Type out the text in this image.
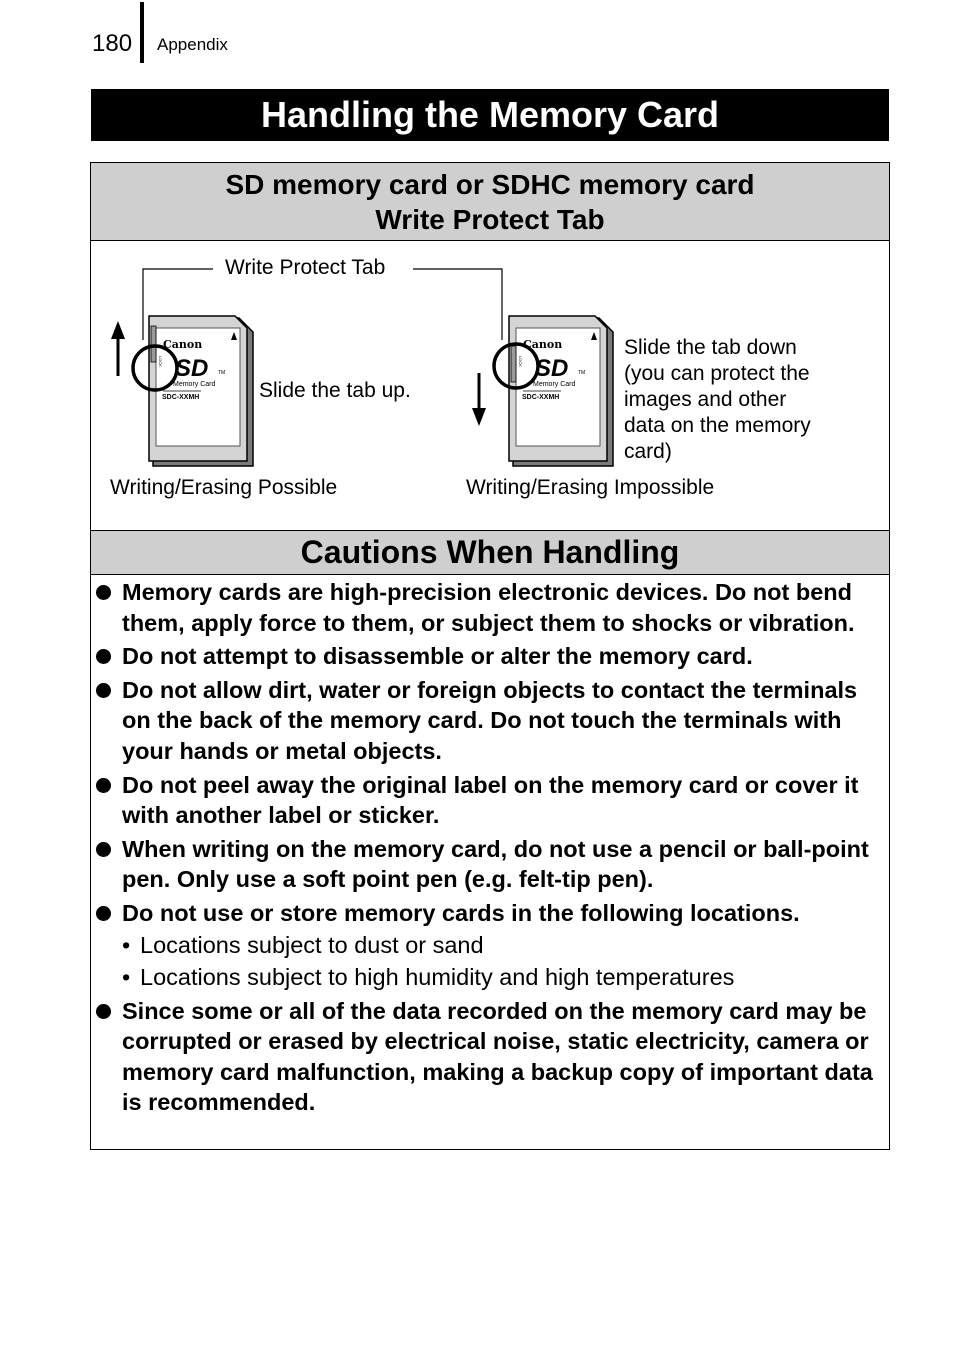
180 Appendix
Handling the Memory Card
SD memory card or SDHC memory card
Write Protect Tab
Canon
SD TM
Memory Card
SDC-XXMH
LOCK
Canon
SD TM
Memory Card
SDC-XXMH
LOCK
Write Protect Tab
Slide the tab up.
Writing/Erasing Possible
Slide the tab down
(you can protect the
images and other
data on the memory
card)
Writing/Erasing Impossible
Cautions When Handling
Memory cards are high-precision electronic devices. Do not bend them, apply force to them, or subject them to shocks or vibration.
Do not attempt to disassemble or alter the memory card.
Do not allow dirt, water or foreign objects to contact the terminals on the back of the memory card. Do not touch the terminals with your hands or metal objects.
Do not peel away the original label on the memory card or cover it with another label or sticker.
When writing on the memory card, do not use a pencil or ball-point pen. Only use a soft point pen (e.g. felt-tip pen).
Do not use or store memory cards in the following locations.
• Locations subject to dust or sand
• Locations subject to high humidity and high temperatures
Since some or all of the data recorded on the memory card may be corrupted or erased by electrical noise, static electricity, camera or memory card malfunction, making a backup copy of important data is recommended.
